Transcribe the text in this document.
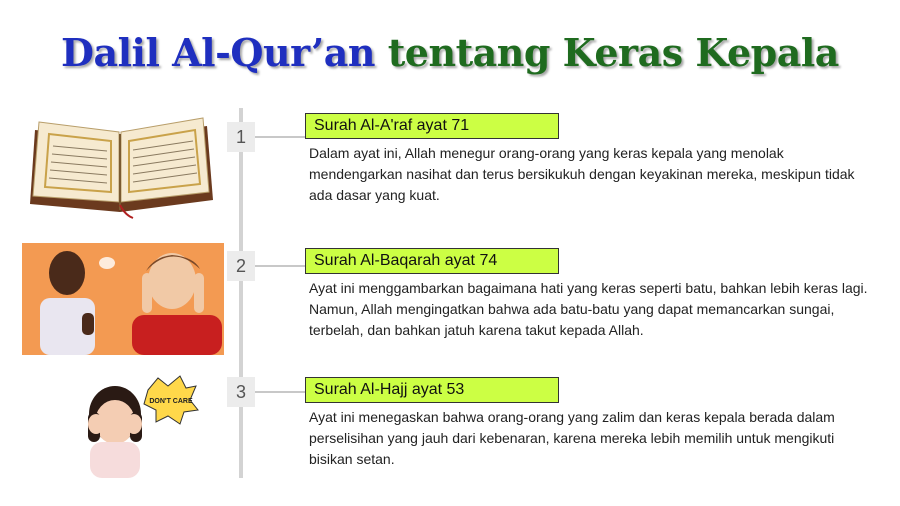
Dalil Al-Qur’an tentang Keras Kepala
DON'T CARE
1
Surah Al-A'raf ayat 71
Dalam ayat ini, Allah menegur orang-orang yang keras kepala yang menolak mendengarkan nasihat dan terus bersikukuh dengan keyakinan mereka, meskipun tidak ada dasar yang kuat.
2	Surah Al-Baqarah ayat 74
Ayat ini menggambarkan bagaimana hati yang keras seperti batu, bahkan lebih keras lagi. Namun, Allah mengingatkan bahwa ada batu-batu yang dapat memancarkan sungai, terbelah, dan bahkan jatuh karena takut kepada Allah.
3	Surah Al-Hajj ayat 53
Ayat ini menegaskan bahwa orang-orang yang zalim dan keras kepala berada dalam perselisihan yang jauh dari kebenaran, karena mereka lebih memilih untuk mengikuti bisikan setan.
